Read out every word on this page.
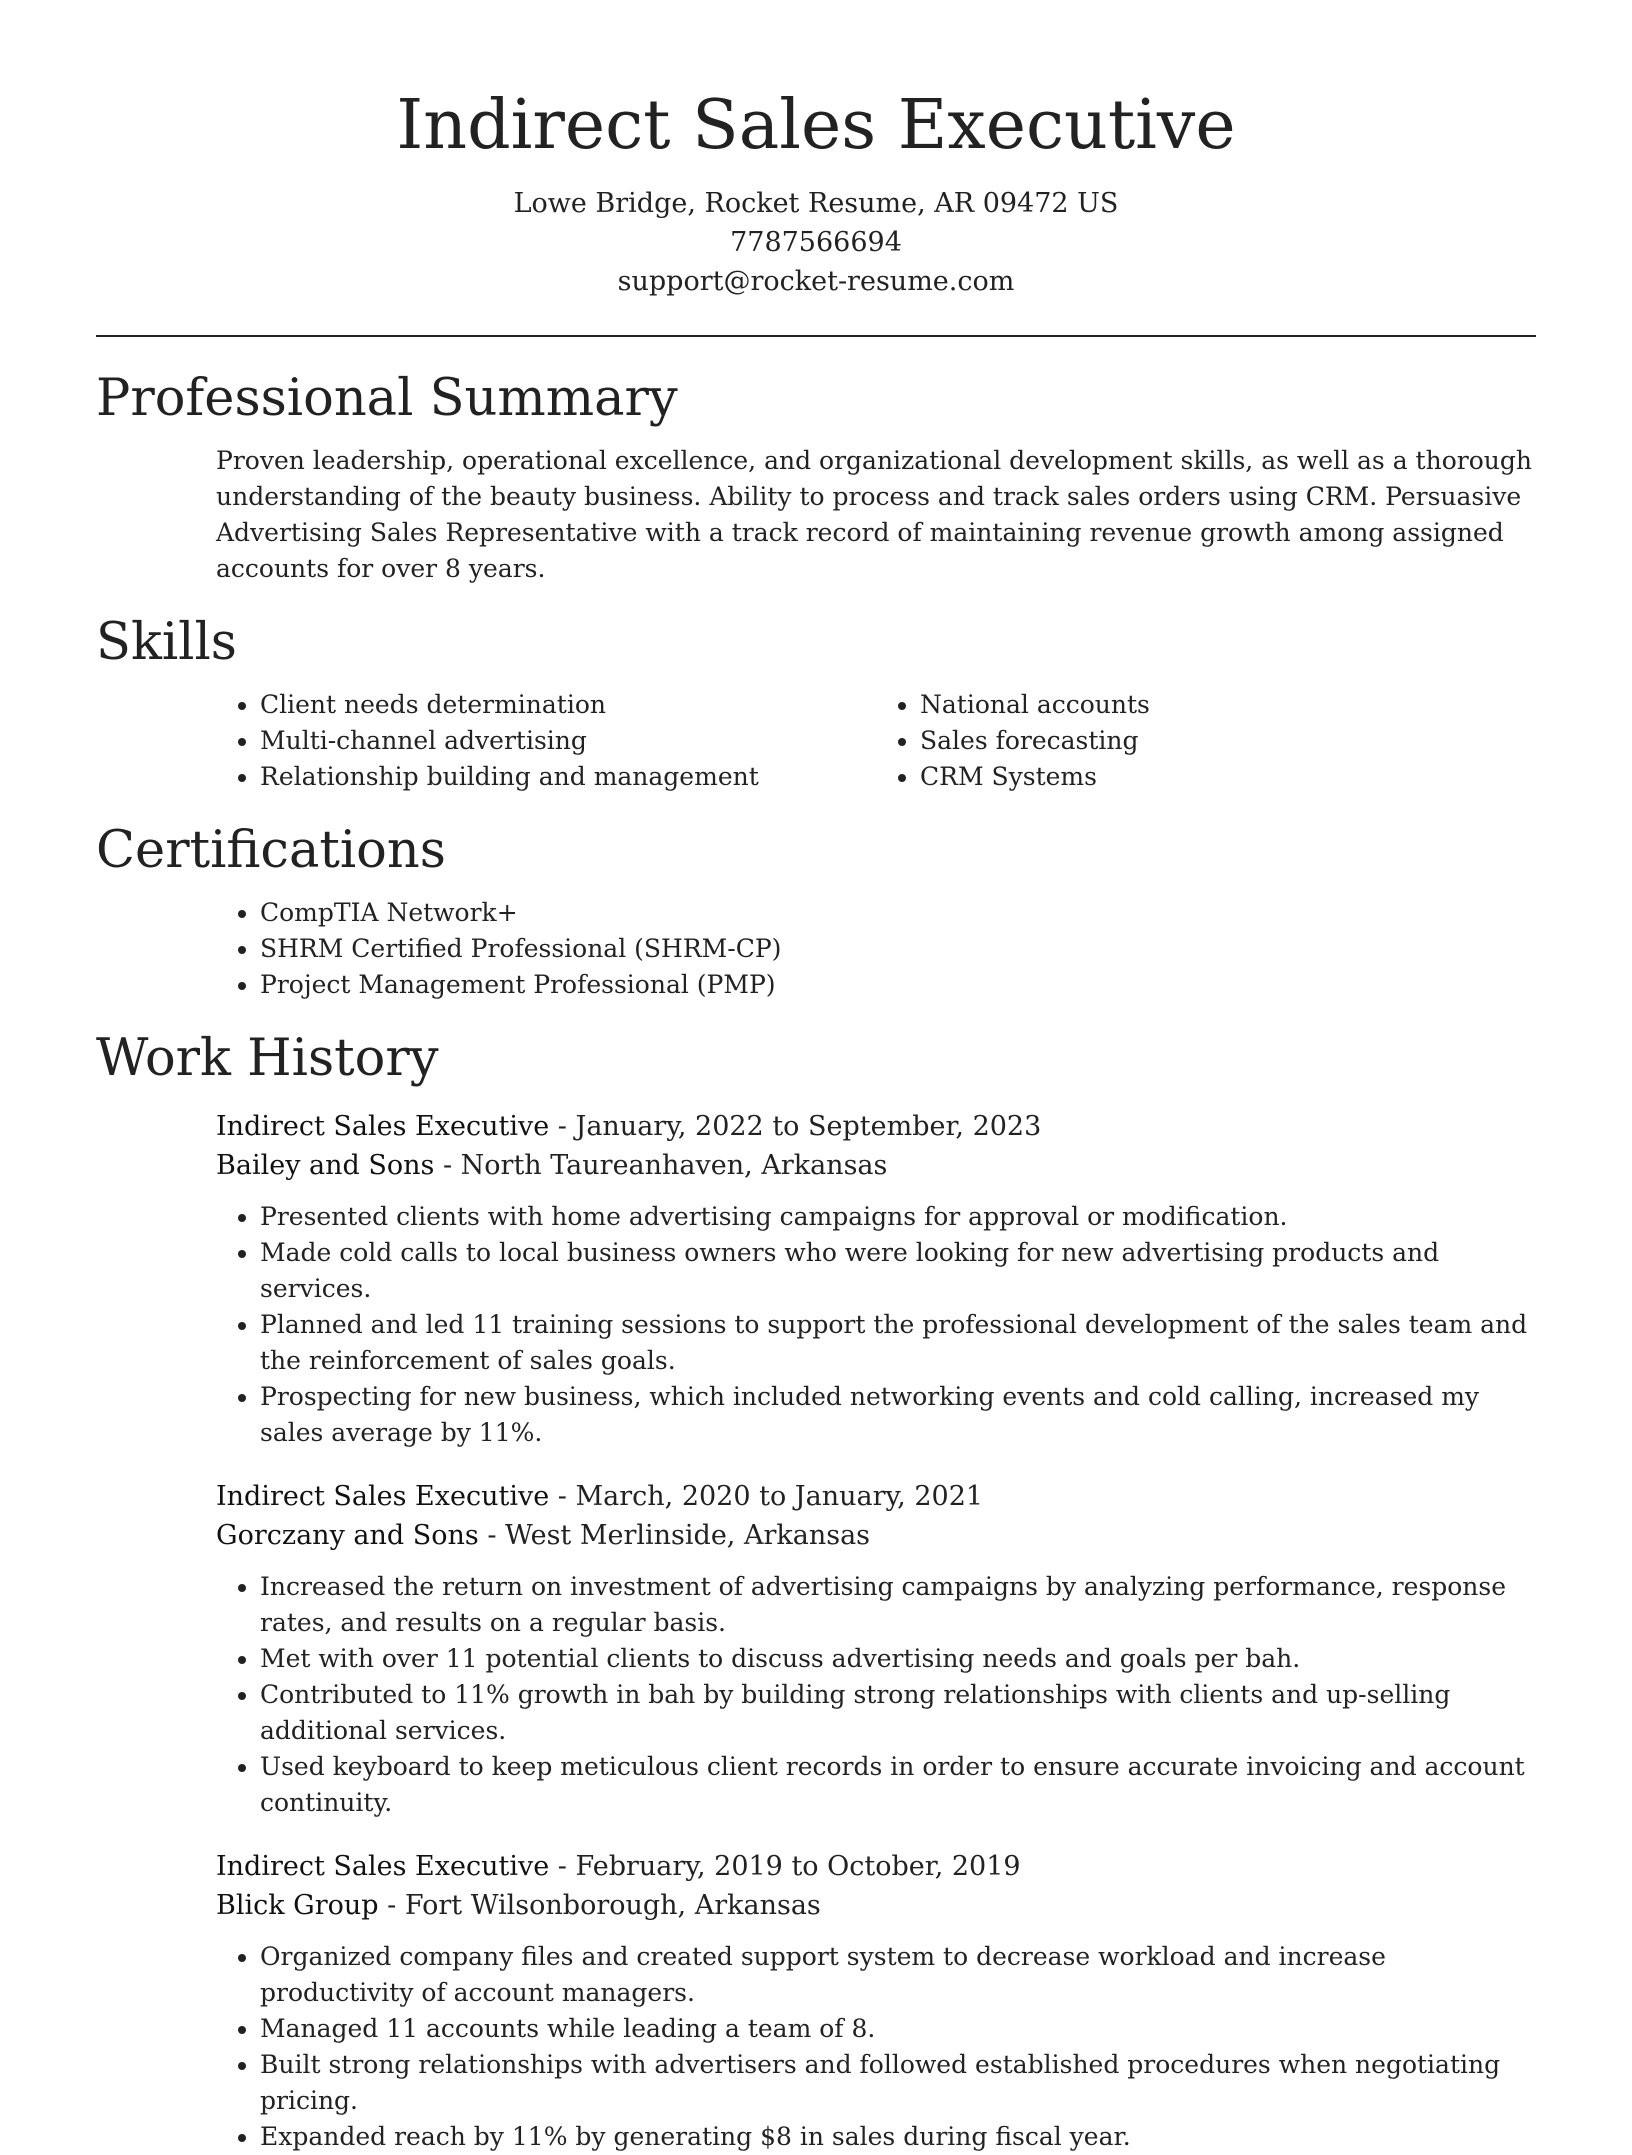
Indirect Sales Executive

Lowe Bridge, Rocket Resume, AR 09472 US

7787566694

support@rocket-resume.com

Professional Summary

Proven leadership, operational excellence, and organizational development skills, as well as a thorough understanding of the beauty business. Ability to process and track sales orders using CRM. Persuasive Advertising Sales Representative with a track record of maintaining revenue growth among assigned accounts for over 8 years.

Skills
• Client needs determination
• Multi-channel advertising
• Relationship building and management
• National accounts
• Sales forecasting
• CRM Systems
Certifications
• CompTIA Network+
• SHRM Certified Professional (SHRM-CP)
• Project Management Professional (PMP)
Work History

Indirect Sales Executive - January, 2022 to September, 2023

Bailey and Sons - North Taureanhaven, Arkansas

• Presented clients with home advertising campaigns for approval or modification.
• Made cold calls to local business owners who were looking for new advertising products and services.
• Planned and led 11 training sessions to support the professional development of the sales team and the reinforcement of sales goals.
• Prospecting for new business, which included networking events and cold calling, increased my sales average by 11%.

Indirect Sales Executive - March, 2020 to January, 2021

Gorczany and Sons - West Merlinside, Arkansas

• Increased the return on investment of advertising campaigns by analyzing performance, response rates, and results on a regular basis.
• Met with over 11 potential clients to discuss advertising needs and goals per bah.
• Contributed to 11% growth in bah by building strong relationships with clients and up-selling additional services.
• Used keyboard to keep meticulous client records in order to ensure accurate invoicing and account continuity.

Indirect Sales Executive - February, 2019 to October, 2019

Blick Group - Fort Wilsonborough, Arkansas

• Organized company files and created support system to decrease workload and increase productivity of account managers.
• Managed 11 accounts while leading a team of 8.
• Built strong relationships with advertisers and followed established procedures when negotiating pricing.
• Expanded reach by 11% by generating $8 in sales during fiscal year.
